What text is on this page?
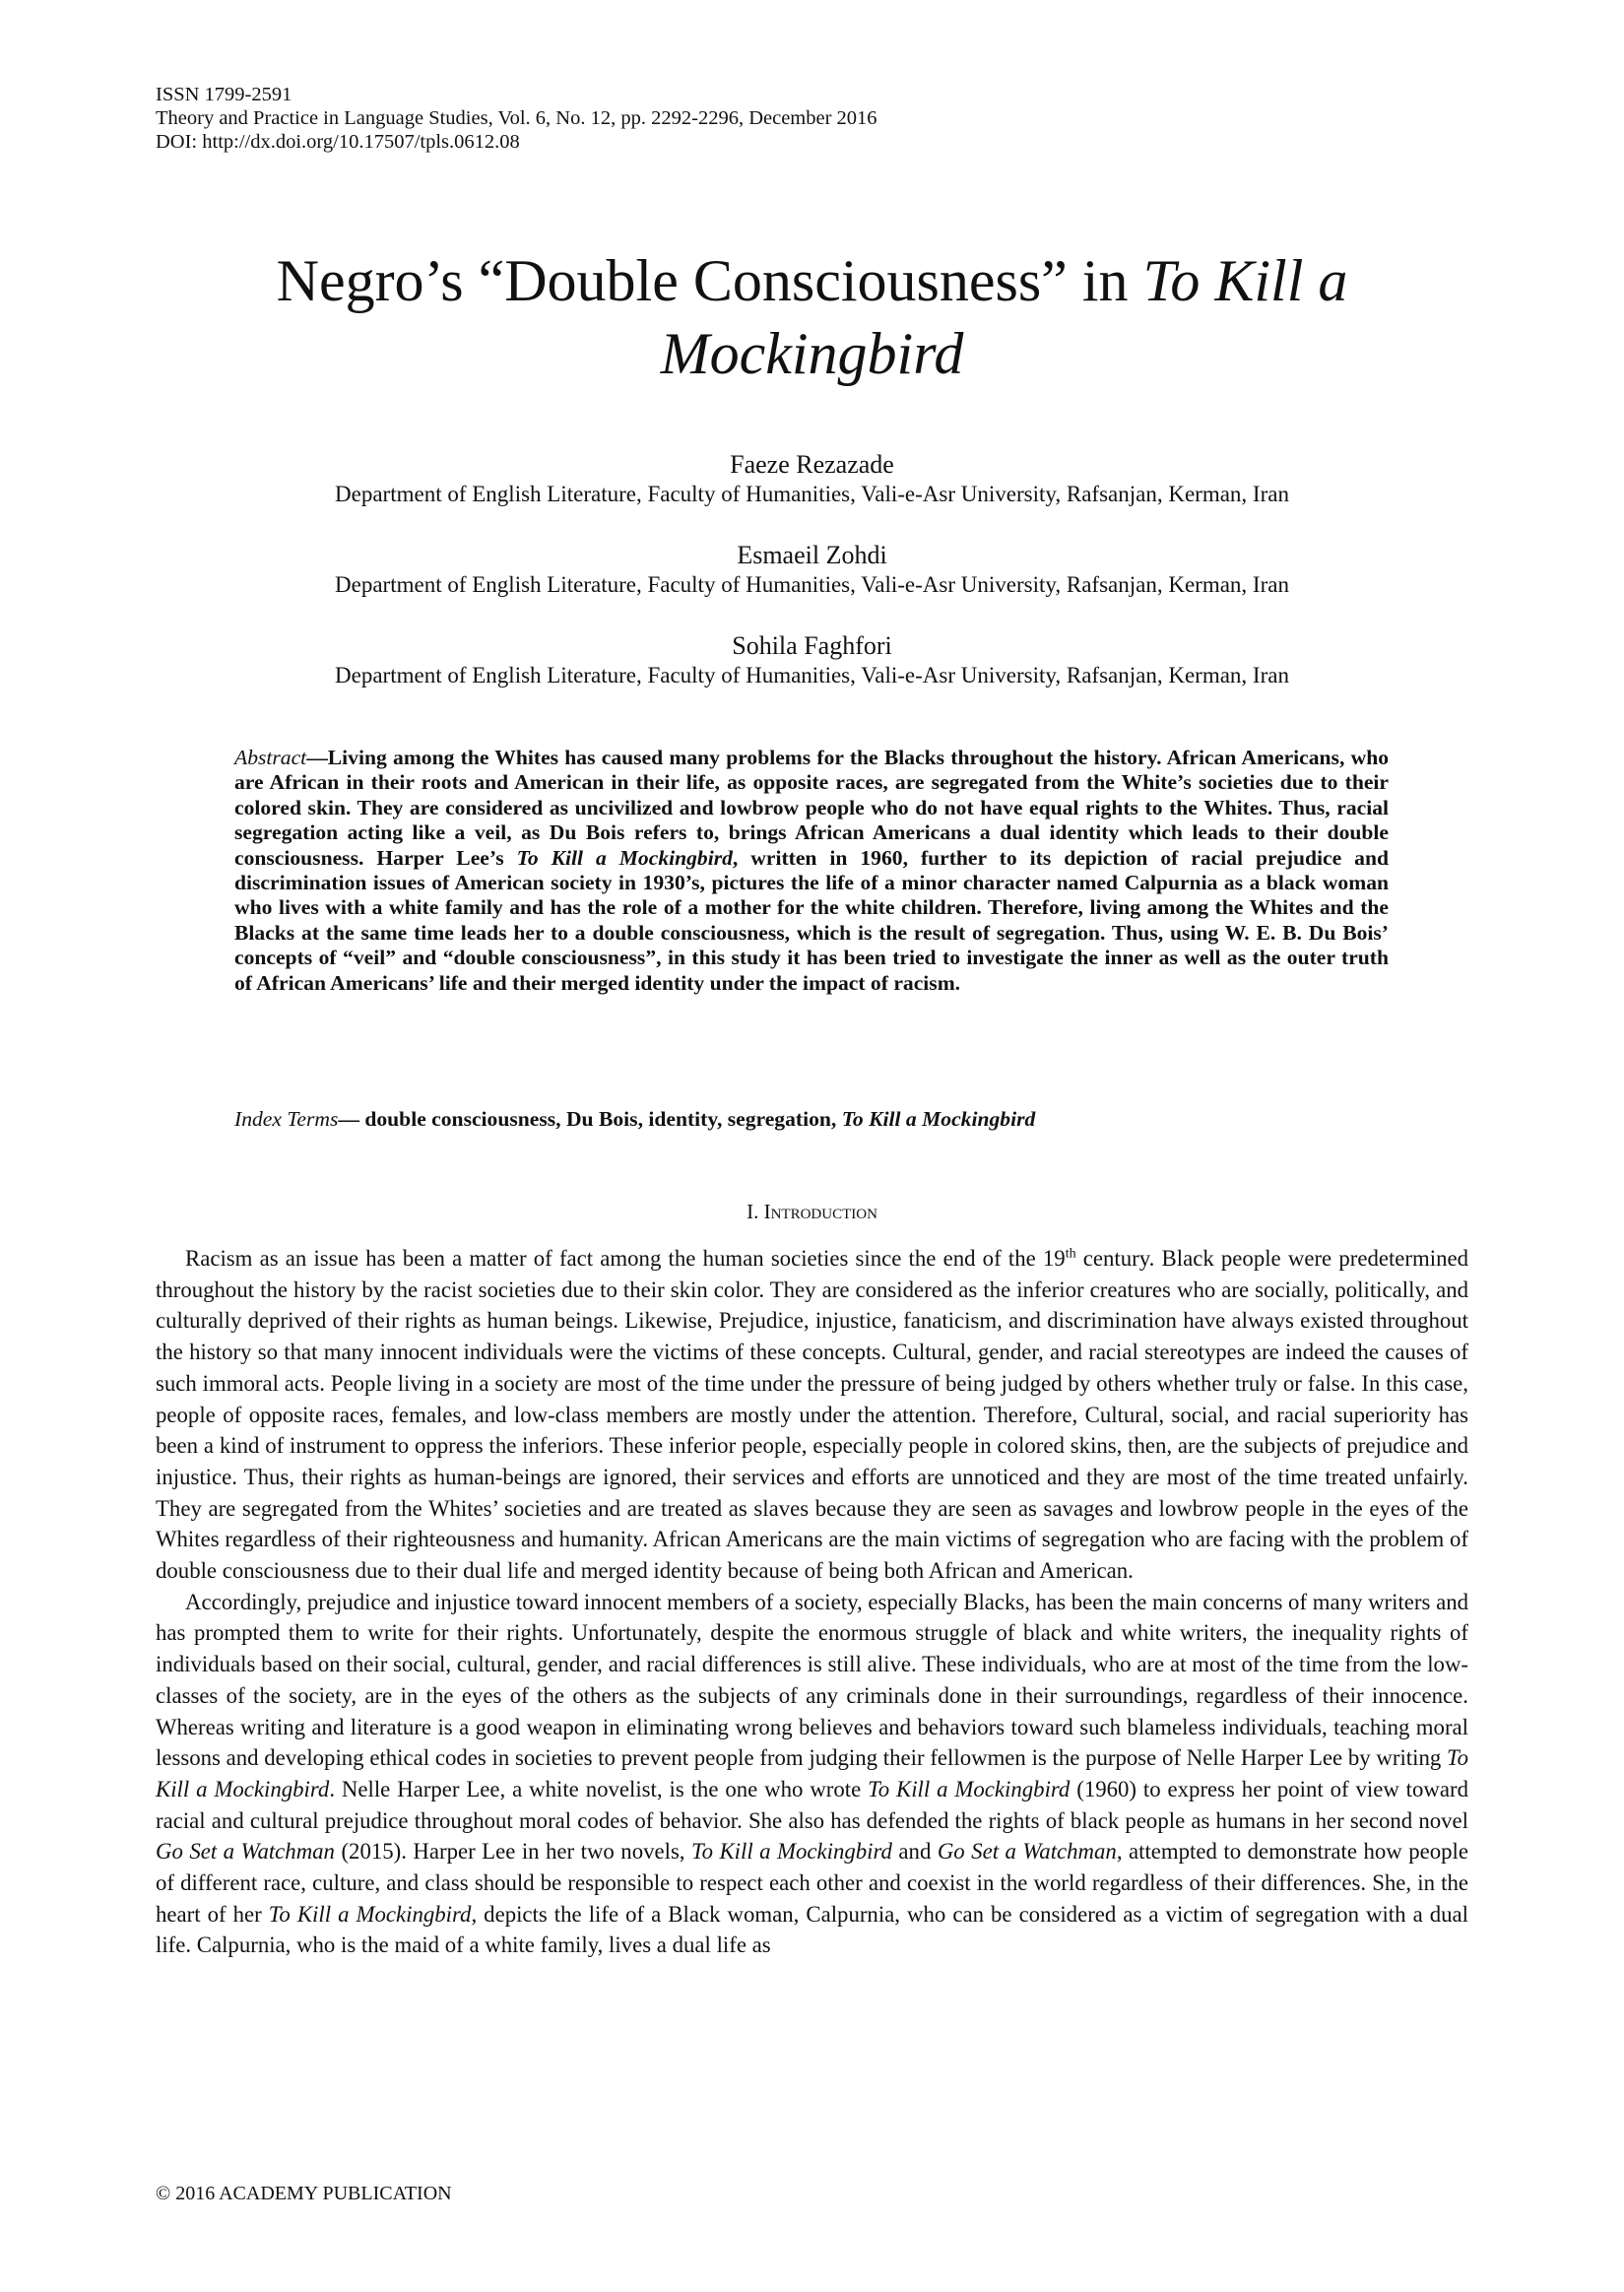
ISSN 1799-2591
Theory and Practice in Language Studies, Vol. 6, No. 12, pp. 2292-2296, December 2016
DOI: http://dx.doi.org/10.17507/tpls.0612.08
Negro’s “Double Consciousness” in To Kill a
Mockingbird
Faeze Rezazade
Department of English Literature, Faculty of Humanities, Vali-e-Asr University, Rafsanjan, Kerman, Iran
Esmaeil Zohdi
Department of English Literature, Faculty of Humanities, Vali-e-Asr University, Rafsanjan, Kerman, Iran
Sohila Faghfori
Department of English Literature, Faculty of Humanities, Vali-e-Asr University, Rafsanjan, Kerman, Iran
Abstract—Living among the Whites has caused many problems for the Blacks throughout the history. African Americans, who are African in their roots and American in their life, as opposite races, are segregated from the White’s societies due to their colored skin. They are considered as uncivilized and lowbrow people who do not have equal rights to the Whites. Thus, racial segregation acting like a veil, as Du Bois refers to, brings African Americans a dual identity which leads to their double consciousness. Harper Lee’s To Kill a Mockingbird, written in 1960, further to its depiction of racial prejudice and discrimination issues of American society in 1930’s, pictures the life of a minor character named Calpurnia as a black woman who lives with a white family and has the role of a mother for the white children. Therefore, living among the Whites and the Blacks at the same time leads her to a double consciousness, which is the result of segregation. Thus, using W. E. B. Du Bois’ concepts of “veil” and “double consciousness”, in this study it has been tried to investigate the inner as well as the outer truth of African Americans’ life and their merged identity under the impact of racism.
Index Terms— double consciousness, Du Bois, identity, segregation, To Kill a Mockingbird
I. Introduction

Racism as an issue has been a matter of fact among the human societies since the end of the 19th century. Black people were predetermined throughout the history by the racist societies due to their skin color. They are considered as the inferior creatures who are socially, politically, and culturally deprived of their rights as human beings. Likewise, Prejudice, injustice, fanaticism, and discrimination have always existed throughout the history so that many innocent individuals were the victims of these concepts. Cultural, gender, and racial stereotypes are indeed the causes of such immoral acts. People living in a society are most of the time under the pressure of being judged by others whether truly or false. In this case, people of opposite races, females, and low-class members are mostly under the attention. Therefore, Cultural, social, and racial superiority has been a kind of instrument to oppress the inferiors. These inferior people, especially people in colored skins, then, are the subjects of prejudice and injustice. Thus, their rights as human-beings are ignored, their services and efforts are unnoticed and they are most of the time treated unfairly. They are segregated from the Whites’ societies and are treated as slaves because they are seen as savages and lowbrow people in the eyes of the Whites regardless of their righteousness and humanity. African Americans are the main victims of segregation who are facing with the problem of double consciousness due to their dual life and merged identity because of being both African and American.

Accordingly, prejudice and injustice toward innocent members of a society, especially Blacks, has been the main concerns of many writers and has prompted them to write for their rights. Unfortunately, despite the enormous struggle of black and white writers, the inequality rights of individuals based on their social, cultural, gender, and racial differences is still alive. These individuals, who are at most of the time from the low-classes of the society, are in the eyes of the others as the subjects of any criminals done in their surroundings, regardless of their innocence. Whereas writing and literature is a good weapon in eliminating wrong believes and behaviors toward such blameless individuals, teaching moral lessons and developing ethical codes in societies to prevent people from judging their fellowmen is the purpose of Nelle Harper Lee by writing To Kill a Mockingbird. Nelle Harper Lee, a white novelist, is the one who wrote To Kill a Mockingbird (1960) to express her point of view toward racial and cultural prejudice throughout moral codes of behavior. She also has defended the rights of black people as humans in her second novel Go Set a Watchman (2015). Harper Lee in her two novels, To Kill a Mockingbird and Go Set a Watchman, attempted to demonstrate how people of different race, culture, and class should be responsible to respect each other and coexist in the world regardless of their differences. She, in the heart of her To Kill a Mockingbird, depicts the life of a Black woman, Calpurnia, who can be considered as a victim of segregation with a dual life. Calpurnia, who is the maid of a white family, lives a dual life as

© 2016 ACADEMY PUBLICATION
